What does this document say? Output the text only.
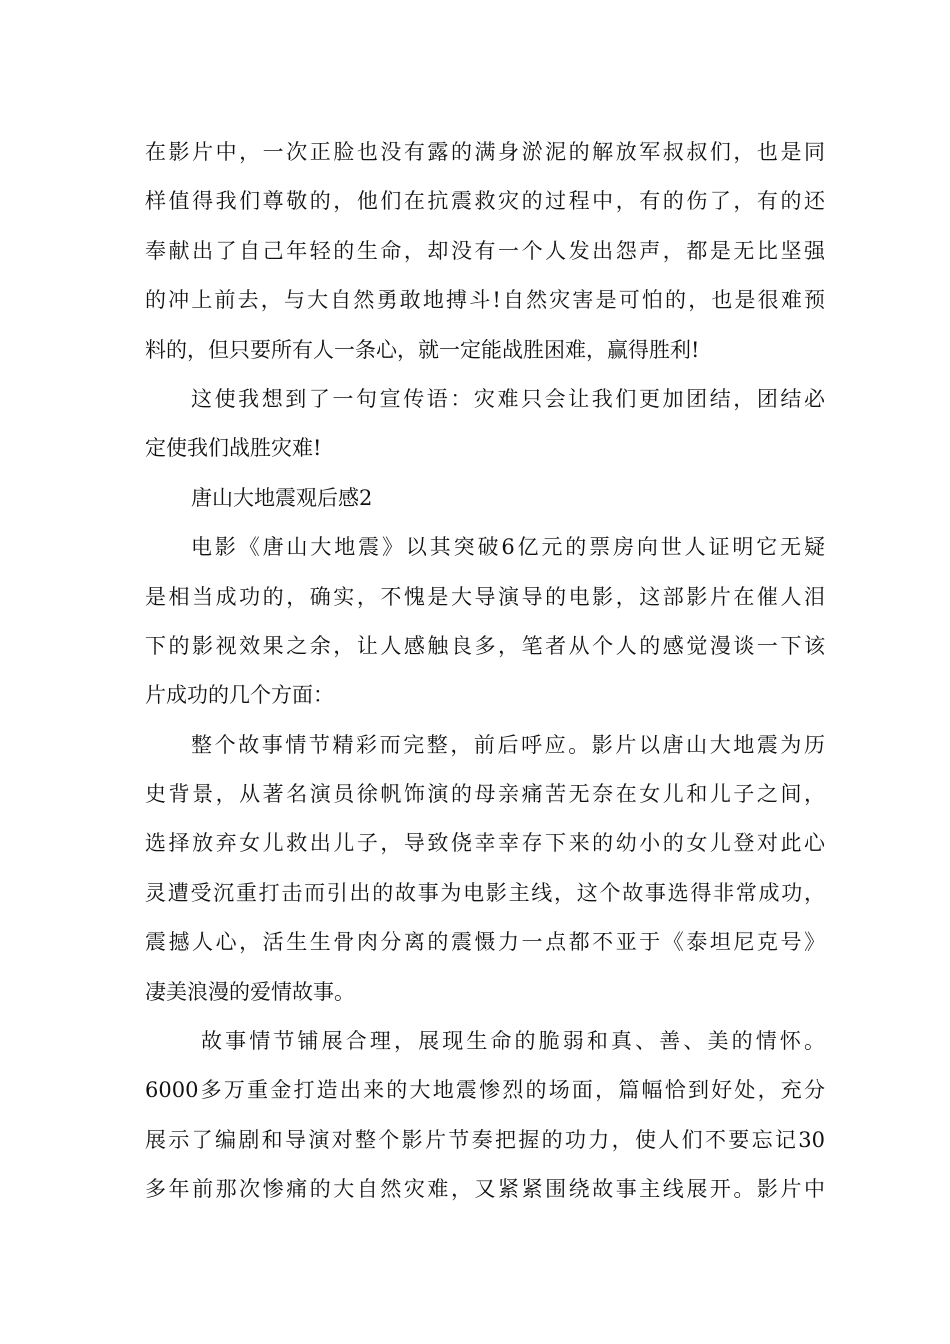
在影片中，一次正脸也没有露的满身淤泥的解放军叔叔们，也是同
样值得我们尊敬的，他们在抗震救灾的过程中，有的伤了，有的还
奉献出了自己年轻的生命，却没有一个人发出怨声，都是无比坚强
的冲上前去，与大自然勇敢地搏斗!自然灾害是可怕的，也是很难预
料的，但只要所有人一条心，就一定能战胜困难，赢得胜利!
这使我想到了一句宣传语：灾难只会让我们更加团结，团结必
定使我们战胜灾难!
唐山大地震观后感2
电影《唐山大地震》以其突破6亿元的票房向世人证明它无疑
是相当成功的，确实，不愧是大导演导的电影，这部影片在催人泪
下的影视效果之余，让人感触良多，笔者从个人的感觉漫谈一下该
片成功的几个方面：
整个故事情节精彩而完整，前后呼应。影片以唐山大地震为历
史背景，从著名演员徐帆饰演的母亲痛苦无奈在女儿和儿子之间，
选择放弃女儿救出儿子，导致侥幸幸存下来的幼小的女儿登对此心
灵遭受沉重打击而引出的故事为电影主线，这个故事选得非常成功，
震撼人心，活生生骨肉分离的震慑力一点都不亚于《泰坦尼克号》
凄美浪漫的爱情故事。
故事情节铺展合理，展现生命的脆弱和真、善、美的情怀。
6000多万重金打造出来的大地震惨烈的场面，篇幅恰到好处，充分
展示了编剧和导演对整个影片节奏把握的功力，使人们不要忘记30
多年前那次惨痛的大自然灾难，又紧紧围绕故事主线展开。影片中
